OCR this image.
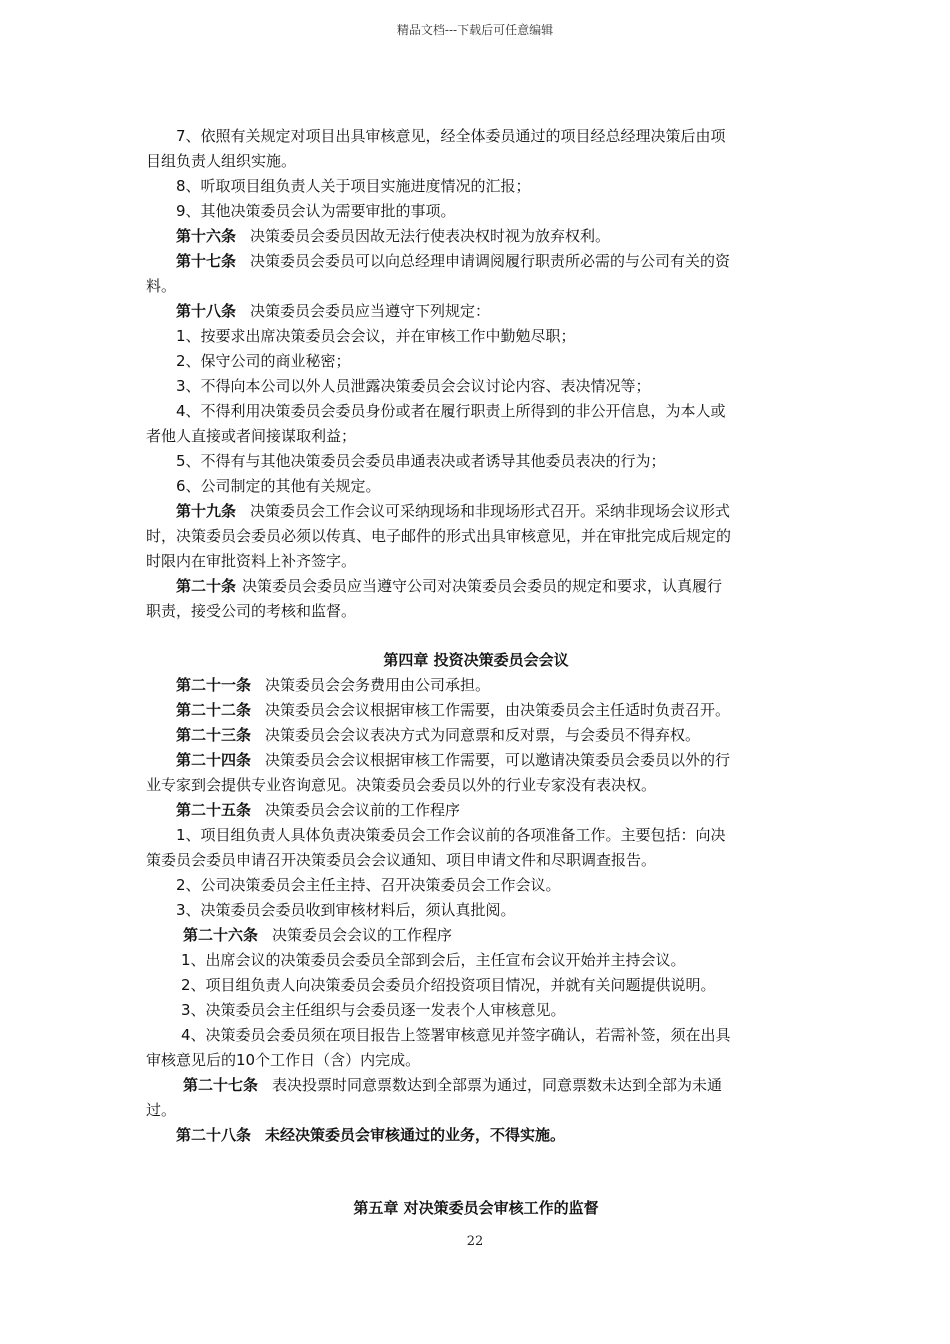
精品文档---下载后可任意编辑
7、依照有关规定对项目出具审核意见，经全体委员通过的项目经总经理决策后由项
目组负责人组织实施。
8、听取项目组负责人关于项目实施进度情况的汇报；
9、其他决策委员会认为需要审批的事项。
第十六条 决策委员会委员因故无法行使表决权时视为放弃权利。
第十七条 决策委员会委员可以向总经理申请调阅履行职责所必需的与公司有关的资
料。
第十八条 决策委员会委员应当遵守下列规定：
1、按要求出席决策委员会会议，并在审核工作中勤勉尽职；
2、保守公司的商业秘密；
3、不得向本公司以外人员泄露决策委员会会议讨论内容、表决情况等；
4、不得利用决策委员会委员身份或者在履行职责上所得到的非公开信息，为本人或
者他人直接或者间接谋取利益；
5、不得有与其他决策委员会委员串通表决或者诱导其他委员表决的行为；
6、公司制定的其他有关规定。
第十九条 决策委员会工作会议可采纳现场和非现场形式召开。采纳非现场会议形式
时，决策委员会委员必须以传真、电子邮件的形式出具审核意见，并在审批完成后规定的
时限内在审批资料上补齐签字。
第二十条 决策委员会委员应当遵守公司对决策委员会委员的规定和要求，认真履行
职责，接受公司的考核和监督。
第四章 投资决策委员会会议
第二十一条 决策委员会会务费用由公司承担。
第二十二条 决策委员会会议根据审核工作需要，由决策委员会主任适时负责召开。
第二十三条 决策委员会会议表决方式为同意票和反对票，与会委员不得弃权。
第二十四条 决策委员会会议根据审核工作需要，可以邀请决策委员会委员以外的行
业专家到会提供专业咨询意见。决策委员会委员以外的行业专家没有表决权。
第二十五条 决策委员会会议前的工作程序
1、项目组负责人具体负责决策委员会工作会议前的各项准备工作。主要包括：向决
策委员会委员申请召开决策委员会会议通知、项目申请文件和尽职调查报告。
2、公司决策委员会主任主持、召开决策委员会工作会议。
3、决策委员会委员收到审核材料后，须认真批阅。
第二十六条 决策委员会会议的工作程序
1、出席会议的决策委员会委员全部到会后，主任宣布会议开始并主持会议。
2、项目组负责人向决策委员会委员介绍投资项目情况，并就有关问题提供说明。
3、决策委员会主任组织与会委员逐一发表个人审核意见。
4、决策委员会委员须在项目报告上签署审核意见并签字确认，若需补签，须在出具
审核意见后的10个工作日（含）内完成。
第二十七条 表决投票时同意票数达到全部票为通过，同意票数未达到全部为未通
过。
第二十八条 未经决策委员会审核通过的业务，不得实施。
第五章 对决策委员会审核工作的监督
22
